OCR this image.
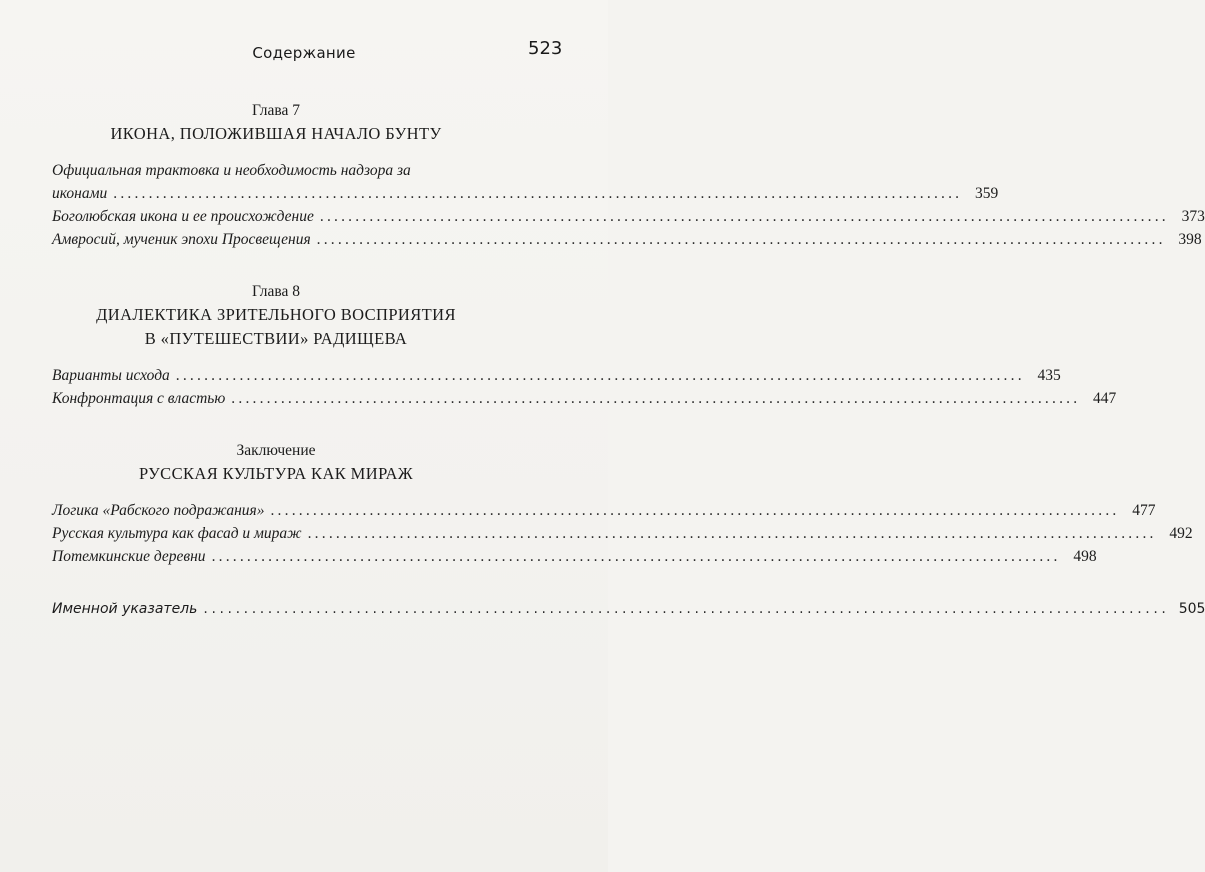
Содержание	523
Глава 7
ИКОНА, ПОЛОЖИВШАЯ НАЧАЛО БУНТУ
Официальная трактовка и необходимость надзора за
иконами ........................................................................................................................ 359
Боголюбская икона и ее происхождение ........................................................................................................................ 373
Амвросий, мученик эпохи Просвещения ........................................................................................................................ 398
Глава 8
ДИАЛЕКТИКА ЗРИТЕЛЬНОГО ВОСПРИЯТИЯ
В «ПУТЕШЕСТВИИ» РАДИЩЕВА
Варианты исхода ........................................................................................................................ 435
Конфронтация с властью ........................................................................................................................ 447
Заключение
РУССКАЯ КУЛЬТУРА КАК МИРАЖ
Логика «Рабского подражания» ........................................................................................................................ 477
Русская культура как фасад и мираж ........................................................................................................................ 492
Потемкинские деревни ........................................................................................................................ 498
Именной указатель ........................................................................................................................ 505
